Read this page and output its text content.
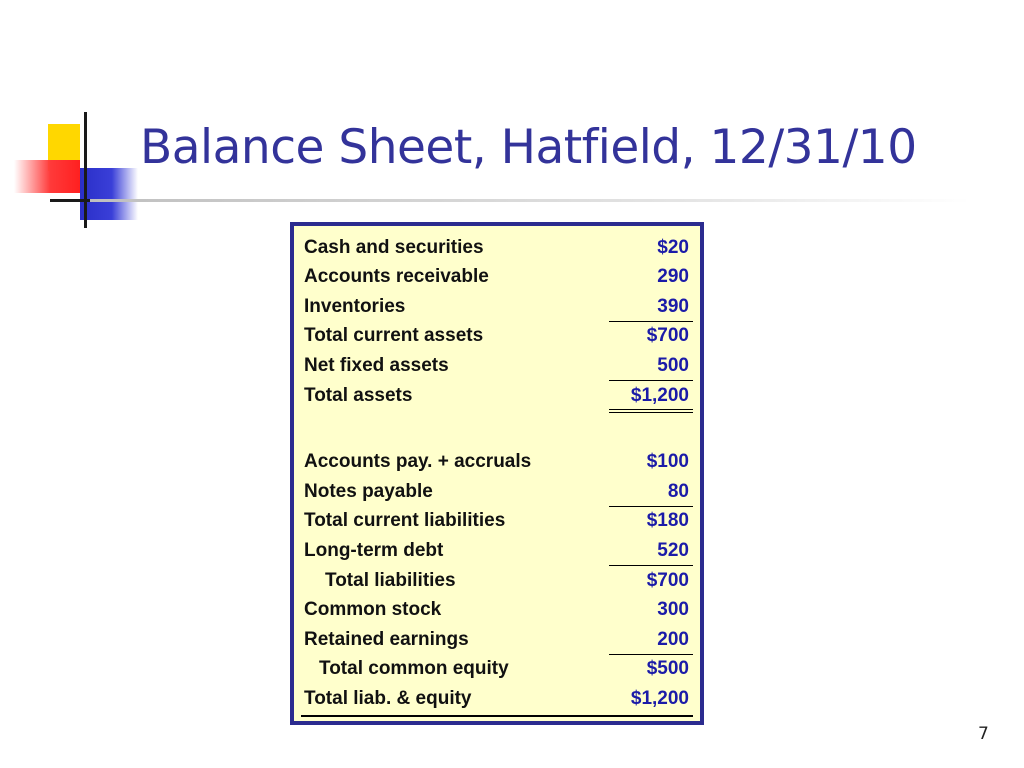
Balance Sheet, Hatfield, 12/31/10
Cash and securities	$20
Accounts receivable	290
Inventories	390
Total current assets	$700
Net fixed assets	500
Total assets	$1,200
Accounts pay. + accruals	$100
Notes payable	80
Total current liabilities	$180
Long-term debt	520
Total liabilities	$700
Common stock	300
Retained earnings	200
Total common equity	$500
Total liab. & equity	$1,200
7
